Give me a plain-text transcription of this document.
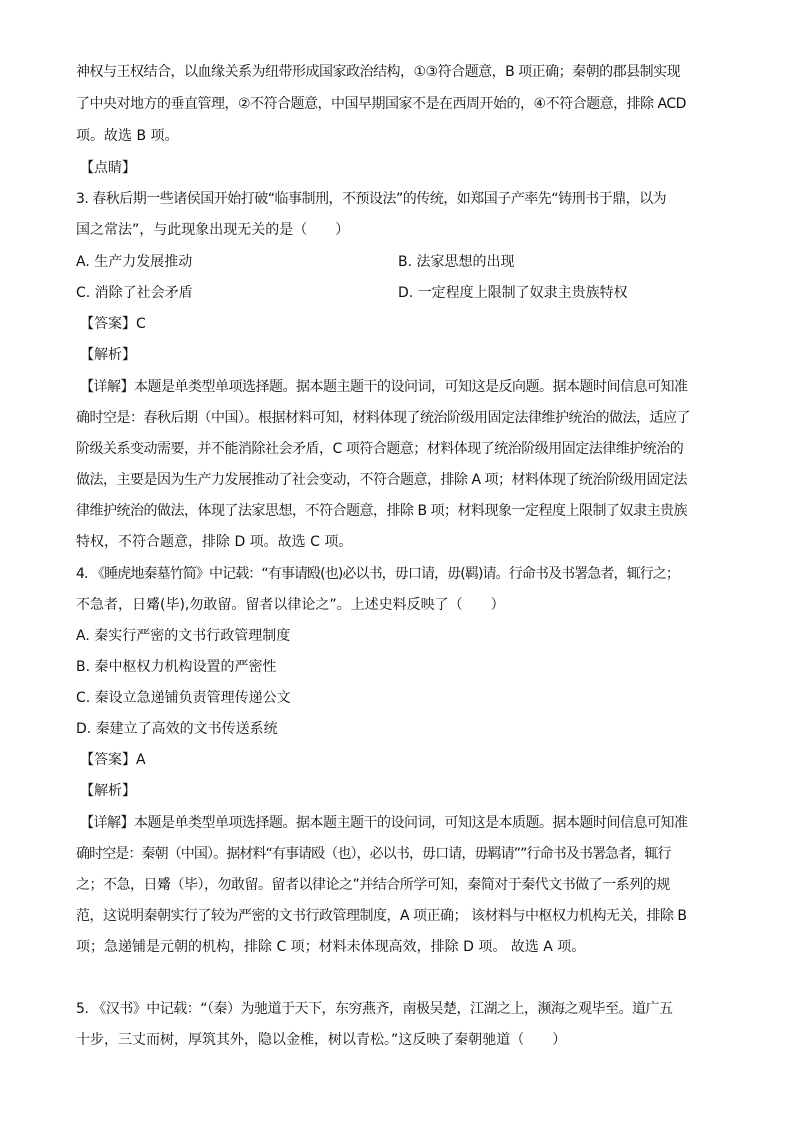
神权与王权结合，以血缘关系为纽带形成国家政治结构，①③符合题意，B 项正确；秦朝的郡县制实现
了中央对地方的垂直管理，②不符合题意，中国早期国家不是在西周开始的，④不符合题意，排除 ACD
项。故选 B 项。
【点睛】
3. 春秋后期一些诸侯国开始打破“临事制刑，不预设法”的传统，如郑国子产率先“铸刑书于鼎，以为
国之常法”，与此现象出现无关的是（　　）
A. 生产力发展推动	B. 法家思想的出现
C. 消除了社会矛盾	D. 一定程度上限制了奴隶主贵族特权
【答案】C
【解析】
【详解】本题是单类型单项选择题。据本题主题干的设问词，可知这是反向题。据本题时间信息可知准
确时空是：春秋后期（中国）。根据材料可知，材料体现了统治阶级用固定法律维护统治的做法，适应了
阶级关系变动需要，并不能消除社会矛盾，C 项符合题意；材料体现了统治阶级用固定法律维护统治的
做法，主要是因为生产力发展推动了社会变动，不符合题意，排除 A 项；材料体现了统治阶级用固定法
律维护统治的做法，体现了法家思想，不符合题意，排除 B 项；材料现象一定程度上限制了奴隶主贵族
特权，不符合题意，排除 D 项。故选 C 项。
4. 《睡虎地秦墓竹简》中记载：“有事请殹(也)必以书，毋口请，毋(羁)请。行命书及书署急者，辄行之；
不急者，日觱(毕),勿敢留。留者以律论之”。上述史料反映了（　　）
A. 秦实行严密的文书行政管理制度
B. 秦中枢权力机构设置的严密性
C. 秦设立急递铺负责管理传递公文
D. 秦建立了高效的文书传送系统
【答案】A
【解析】
【详解】本题是单类型单项选择题。据本题主题干的设问词，可知这是本质题。据本题时间信息可知准
确时空是：秦朝（中国）。据材料“有事请殴（也），必以书，毋口请，毋羁请””行命书及书署急者，辄行
之；不急，日觱（毕），勿敢留。留者以律论之”并结合所学可知，秦简对于秦代文书做了一系列的规
范，这说明秦朝实行了较为严密的文书行政管理制度，A 项正确； 该材料与中枢权力机构无关，排除 B
项；急递铺是元朝的机构，排除 C 项；材料未体现高效，排除 D 项。 故选 A 项。
5. 《汉书》中记载：“（秦）为驰道于天下，东穷燕齐，南极吴楚，江湖之上，濒海之观毕至。道广五
十步，三丈而树，厚筑其外，隐以金椎，树以青松。”这反映了秦朝驰道（　　）
